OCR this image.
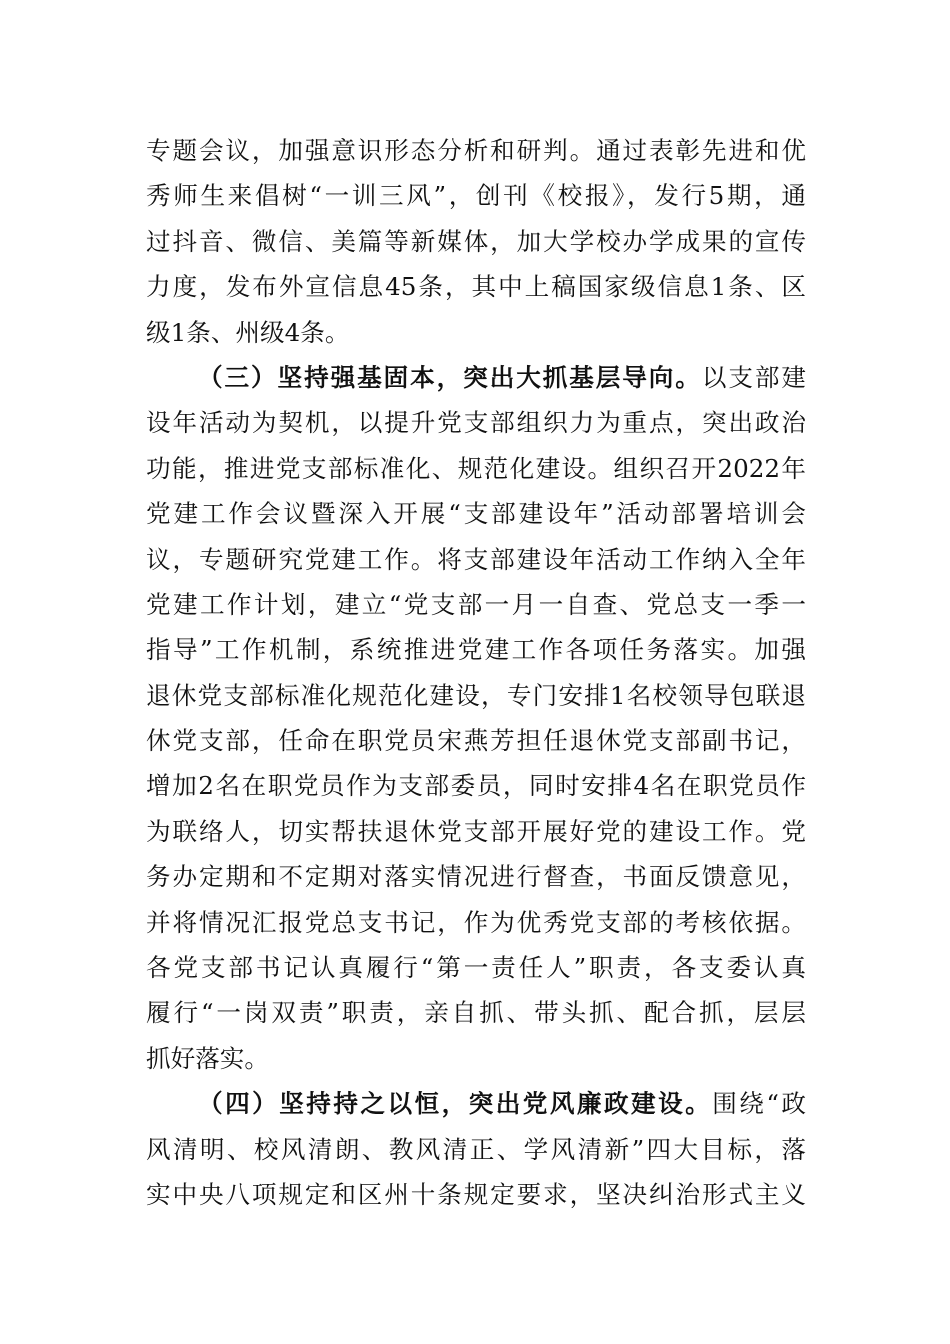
专题会议，加强意识形态分析和研判。通过表彰先进和优
秀师生来倡树“一训三风”，创刊《校报》，发行5期，通
过抖音、微信、美篇等新媒体，加大学校办学成果的宣传
力度，发布外宣信息45条，其中上稿国家级信息1条、区
级1条、州级4条。
（三）坚持强基固本，突出大抓基层导向。以支部建
设年活动为契机，以提升党支部组织力为重点，突出政治
功能，推进党支部标准化、规范化建设。组织召开2022年
党建工作会议暨深入开展“支部建设年”活动部署培训会
议，专题研究党建工作。将支部建设年活动工作纳入全年
党建工作计划，建立“党支部一月一自查、党总支一季一
指导”工作机制，系统推进党建工作各项任务落实。加强
退休党支部标准化规范化建设，专门安排1名校领导包联退
休党支部，任命在职党员宋燕芳担任退休党支部副书记，
增加2名在职党员作为支部委员，同时安排4名在职党员作
为联络人，切实帮扶退休党支部开展好党的建设工作。党
务办定期和不定期对落实情况进行督查，书面反馈意见，
并将情况汇报党总支书记，作为优秀党支部的考核依据。
各党支部书记认真履行“第一责任人”职责，各支委认真
履行“一岗双责”职责，亲自抓、带头抓、配合抓，层层
抓好落实。
（四）坚持持之以恒，突出党风廉政建设。围绕“政
风清明、校风清朗、教风清正、学风清新”四大目标，落
实中央八项规定和区州十条规定要求，坚决纠治形式主义
